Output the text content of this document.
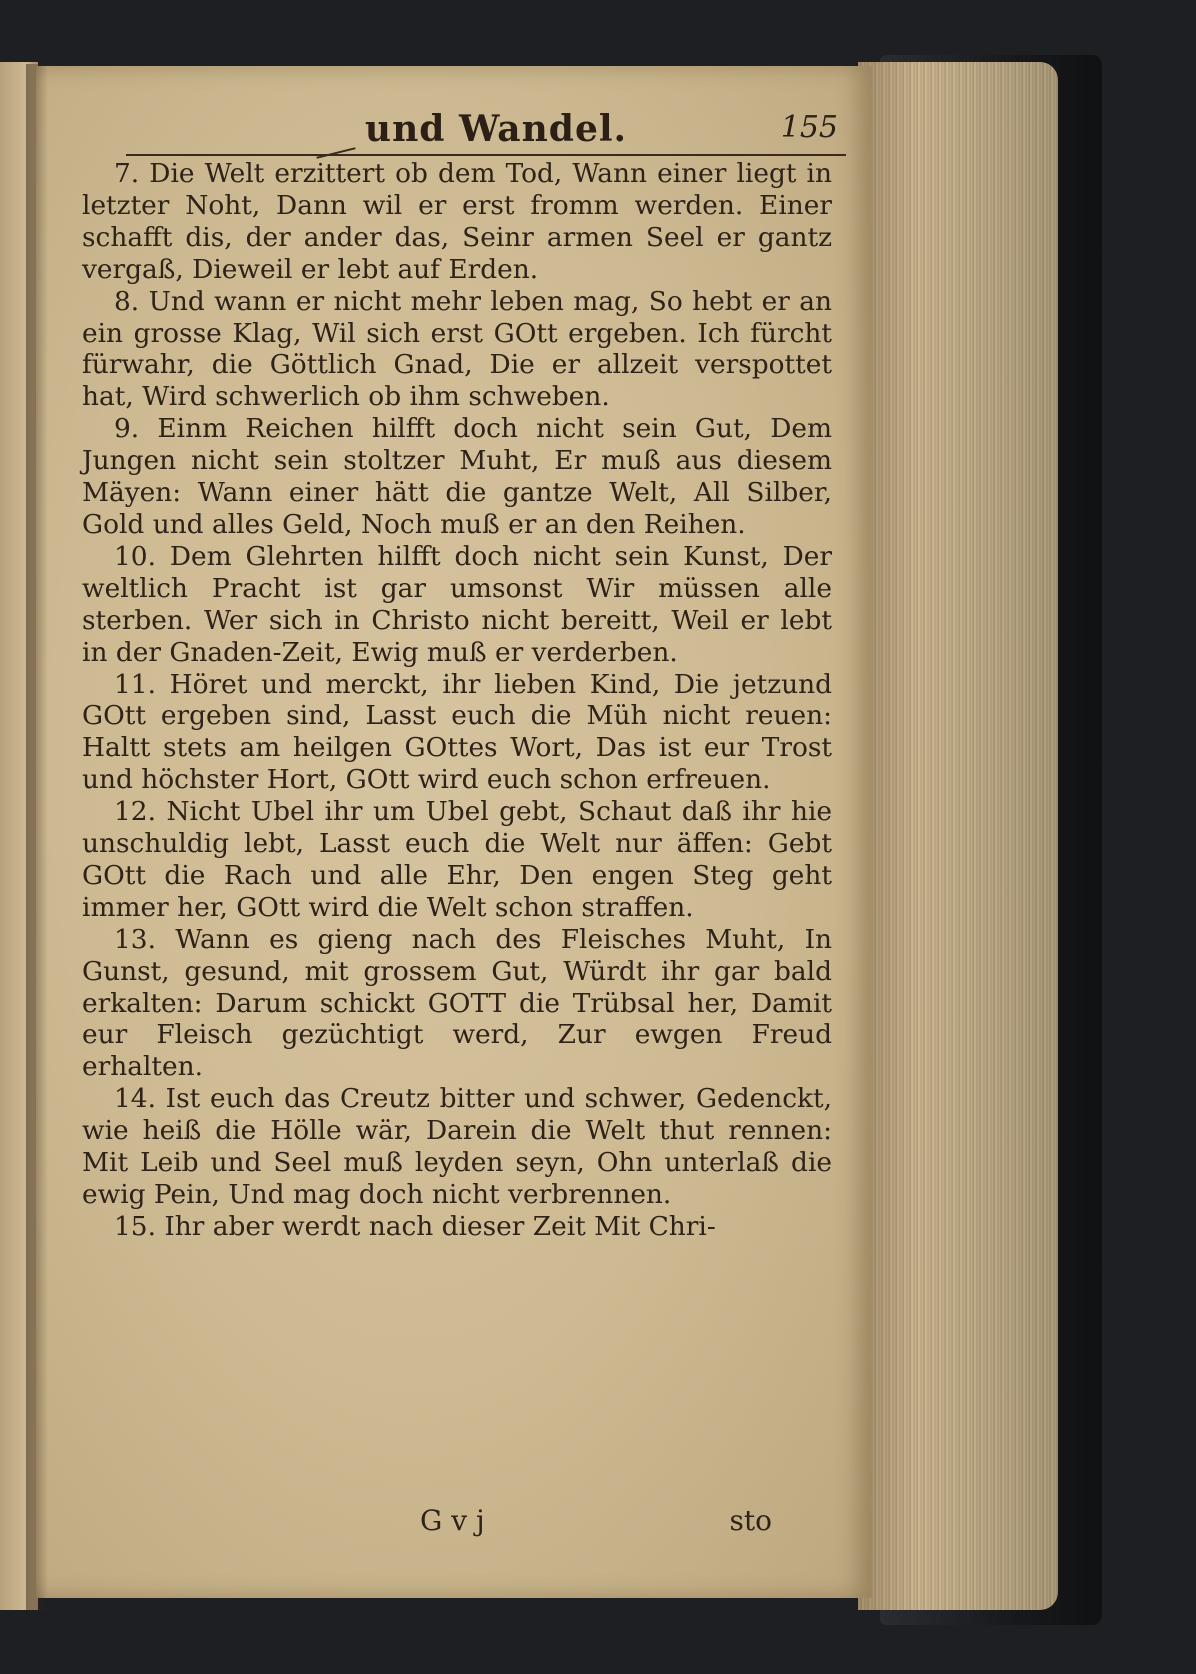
und Wandel.	155

7. Die Welt erzittert ob dem Tod, Wann einer liegt in letzter Noht, Dann wil er erst fromm werden. Einer schafft dis, der ander das, Seinr armen Seel er gantz vergaß, Dieweil er lebt auf Erden.

8. Und wann er nicht mehr leben mag, So hebt er an ein grosse Klag, Wil sich erst GOtt ergeben. Ich fürcht fürwahr, die Göttlich Gnad, Die er allzeit verspottet hat, Wird schwerlich ob ihm schweben.

9. Einm Reichen hilfft doch nicht sein Gut, Dem Jungen nicht sein stoltzer Muht, Er muß aus diesem Mäyen: Wann einer hätt die gantze Welt, All Silber, Gold und alles Geld, Noch muß er an den Reihen.

10. Dem Glehrten hilfft doch nicht sein Kunst, Der weltlich Pracht ist gar umsonst Wir müssen alle sterben. Wer sich in Christo nicht bereitt, Weil er lebt in der Gnaden-Zeit, Ewig muß er verderben.

11. Höret und merckt, ihr lieben Kind, Die jetzund GOtt ergeben sind, Lasst euch die Müh nicht reuen: Haltt stets am heilgen GOttes Wort, Das ist eur Trost und höchster Hort, GOtt wird euch schon erfreuen.

12. Nicht Ubel ihr um Ubel gebt, Schaut daß ihr hie unschuldig lebt, Lasst euch die Welt nur äffen: Gebt GOtt die Rach und alle Ehr, Den engen Steg geht immer her, GOtt wird die Welt schon straffen.

13. Wann es gieng nach des Fleisches Muht, In Gunst, gesund, mit grossem Gut, Würdt ihr gar bald erkalten: Darum schickt GOTT die Trübsal her, Damit eur Fleisch gezüchtigt werd, Zur ewgen Freud erhalten.

14. Ist euch das Creutz bitter und schwer, Gedenckt, wie heiß die Hölle wär, Darein die Welt thut rennen: Mit Leib und Seel muß leyden seyn, Ohn unterlaß die ewig Pein, Und mag doch nicht verbrennen.

15. Ihr aber werdt nach dieser Zeit Mit Chri-

G v j	sto
